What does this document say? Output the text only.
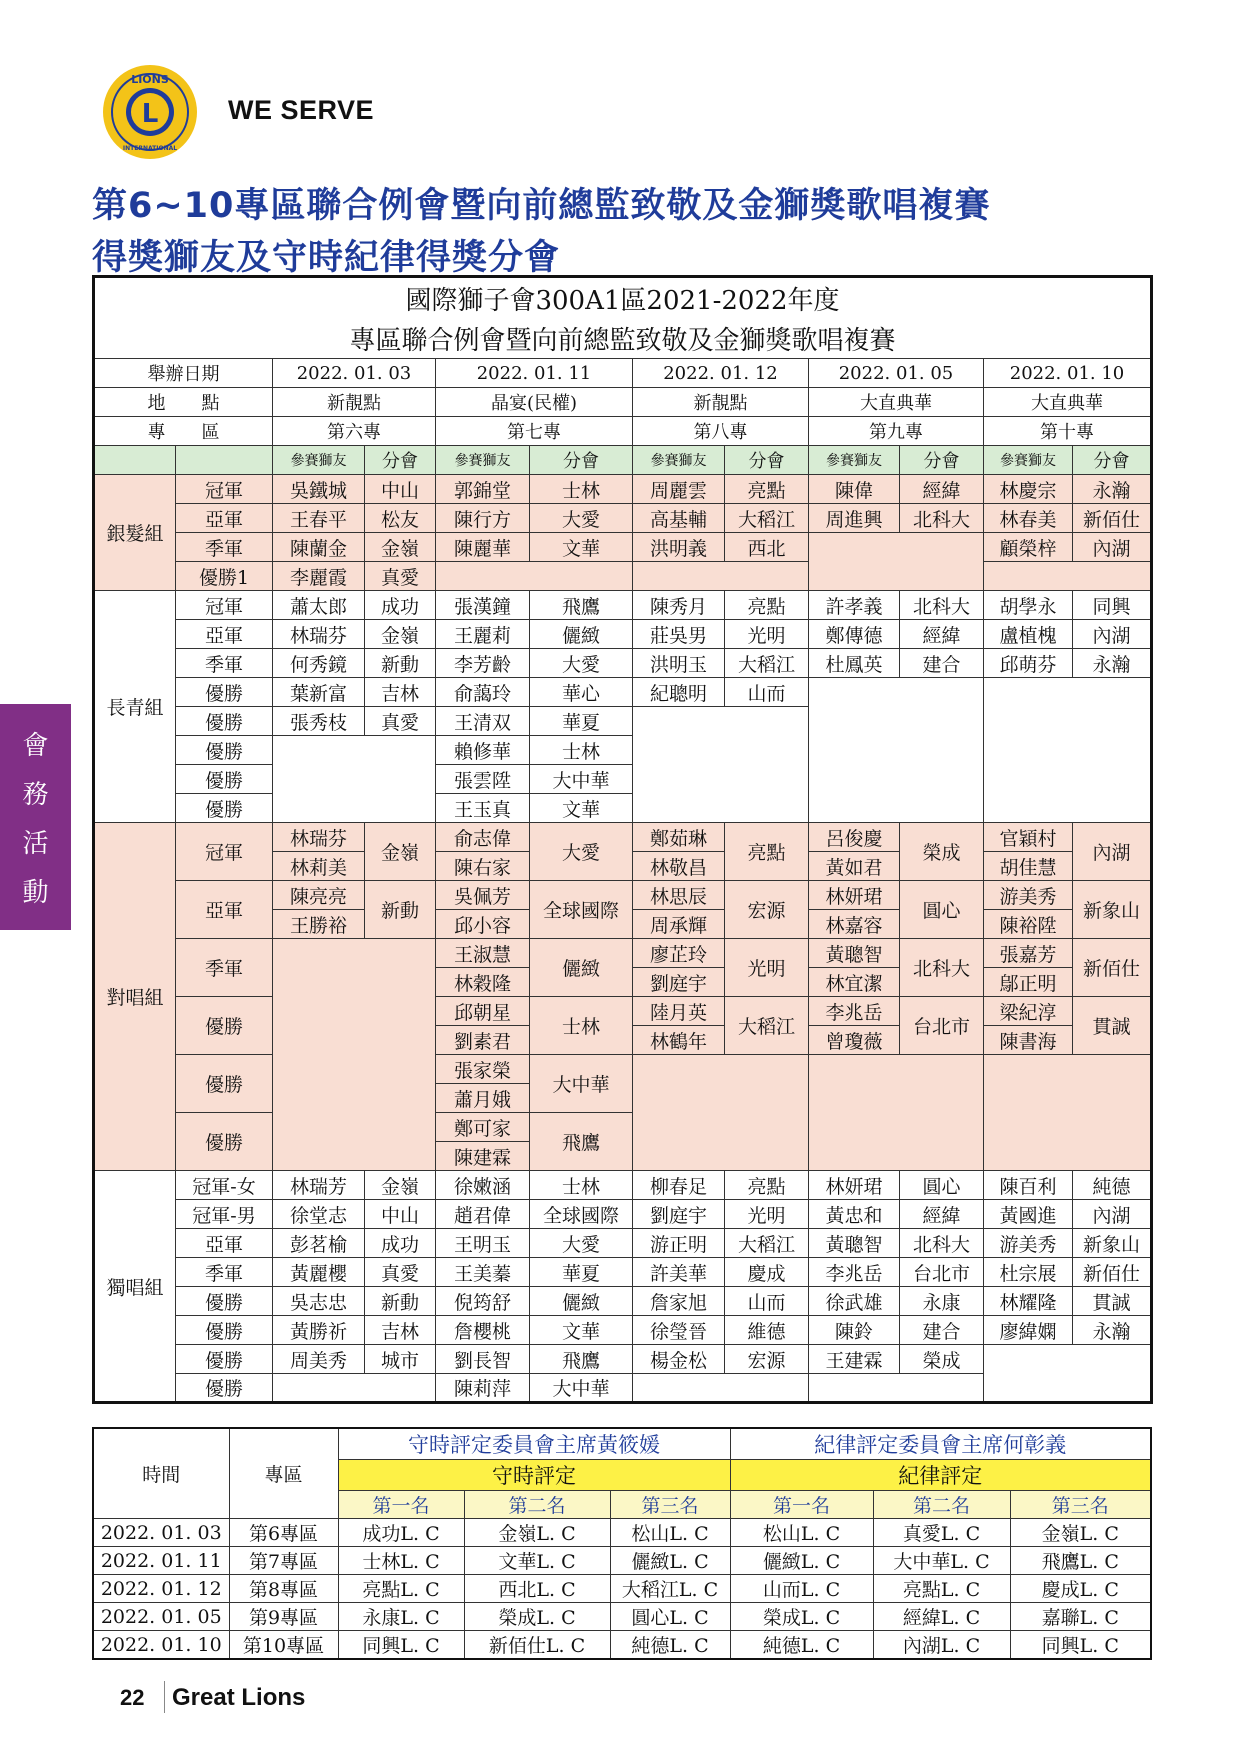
L
LIONS
INTERNATIONAL
WE SERVE
第6~10專區聯合例會暨向前總監致敬及金獅獎歌唱複賽
得獎獅友及守時紀律得獎分會
會
務
活
動
國際獅子會300A1區2021-2022年度											
專區聯合例會暨向前總監致敬及金獅獎歌唱複賽											
舉辦日期		2022. 01. 03		2022. 01. 11		2022. 01. 12		2022. 01. 05		2022. 01. 10	
地　　點		新靚點		晶宴(民權)		新靚點		大直典華		大直典華	
專　　區		第六專		第七專		第八專		第九專		第十專	
		參賽獅友	分會	參賽獅友	分會	參賽獅友	分會	參賽獅友	分會	參賽獅友	分會
銀髮組	冠軍	吳鐵城	中山	郭錦堂	士林	周麗雲	亮點	陳偉	經緯	林慶宗	永瀚
	亞軍	王春平	松友	陳行方	大愛	高基輔	大稻江	周進興	北科大	林春美	新佰仕
	季軍	陳蘭金	金嶺	陳麗華	文華	洪明義	西北			顧榮梓	內湖
	優勝1	李麗霞	真愛								
長青組	冠軍	蕭太郎	成功	張漢鐘	飛鷹	陳秀月	亮點	許孝義	北科大	胡學永	同興
	亞軍	林瑞芬	金嶺	王麗莉	儷緻	莊吳男	光明	鄭傳德	經緯	盧植槐	內湖
	季軍	何秀鏡	新動	李芳齡	大愛	洪明玉	大稻江	杜鳳英	建合	邱萌芬	永瀚
	優勝	葉新富	吉林	俞藹玲	華心	紀聰明	山而				
	優勝	張秀枝	真愛	王清双	華夏						
	優勝			賴修華	士林						
	優勝			張雲陞	大中華						
	優勝			王玉真	文華						
對唱組	冠軍	林瑞芬	金嶺	俞志偉	大愛	鄭茹琳	亮點	呂俊慶	榮成	官穎村	內湖
		林莉美		陳右家		林敬昌		黃如君		胡佳慧	
	亞軍	陳亮亮	新動	吳佩芳	全球國際	林思辰	宏源	林妍珺	圓心	游美秀	新象山
		王勝裕		邱小容		周承輝		林嘉容		陳裕陞	
	季軍			王淑慧	儷緻	廖芷玲	光明	黃聰智	北科大	張嘉芳	新佰仕
				林穀隆		劉庭宇		林宜潔		鄔正明	
	優勝			邱朝星	士林	陸月英	大稻江	李兆岳	台北市	梁紀淳	貫誠
				劉素君		林鶴年		曾瓊薇		陳書海	
	優勝			張家榮	大中華						
				蕭月娥							
	優勝			鄭可家	飛鷹						
				陳建霖							
獨唱組	冠軍-女	林瑞芳	金嶺	徐嫩涵	士林	柳春足	亮點	林妍珺	圓心	陳百利	純德
	冠軍-男	徐堂志	中山	趙君偉	全球國際	劉庭宇	光明	黃忠和	經緯	黃國進	內湖
	亞軍	彭茗榆	成功	王明玉	大愛	游正明	大稻江	黃聰智	北科大	游美秀	新象山
	季軍	黃麗櫻	真愛	王美蓁	華夏	許美華	慶成	李兆岳	台北市	杜宗展	新佰仕
	優勝	吳志忠	新動	倪筠舒	儷緻	詹家旭	山而	徐武雄	永康	林耀隆	貫誠
	優勝	黃勝祈	吉林	詹櫻桃	文華	徐瑩晉	維德	陳鈴	建合	廖緯嫻	永瀚
	優勝	周美秀	城市	劉長智	飛鷹	楊金松	宏源	王建霖	榮成		
	優勝			陳莉萍	大中華						
時間	專區	守時評定委員會主席黃筱媛			紀律評定委員會主席何彰義		
		守時評定			紀律評定		
		第一名	第二名	第三名	第一名	第二名	第三名
2022. 01. 03	第6專區	成功L. C	金嶺L. C	松山L. C	松山L. C	真愛L. C	金嶺L. C
2022. 01. 11	第7專區	士林L. C	文華L. C	儷緻L. C	儷緻L. C	大中華L. C	飛鷹L. C
2022. 01. 12	第8專區	亮點L. C	西北L. C	大稻江L. C	山而L. C	亮點L. C	慶成L. C
2022. 01. 05	第9專區	永康L. C	榮成L. C	圓心L. C	榮成L. C	經緯L. C	嘉聯L. C
2022. 01. 10	第10專區	同興L. C	新佰仕L. C	純德L. C	純德L. C	內湖L. C	同興L. C
22 Great Lions
